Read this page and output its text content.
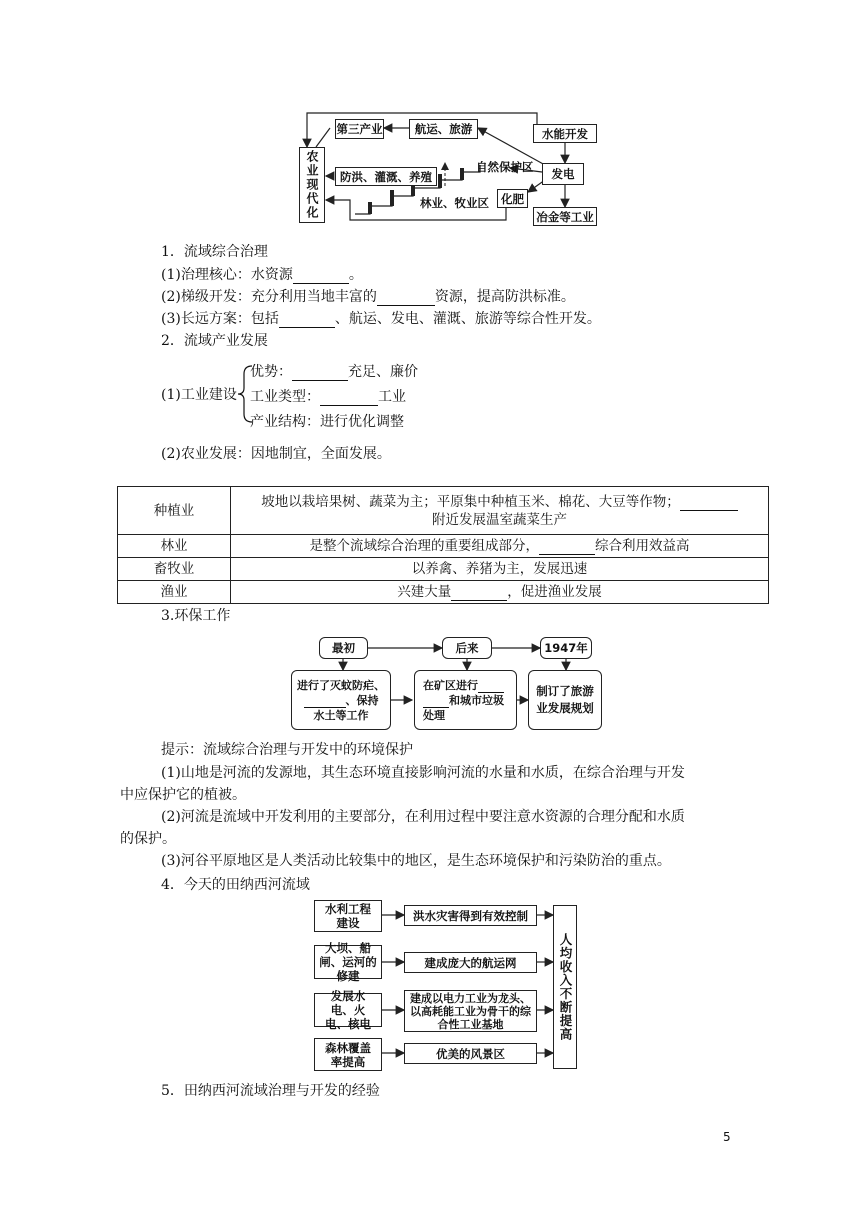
农业现代化
第三产业	航运、旅游	水能开发
防洪、灌溉、养殖
自然保护区	发电
林业、牧业区	化肥
冶金等工业
1．流域综合治理
(1)治理核心：水资源	。
(2)梯级开发：充分利用当地丰富的	资源，提高防洪标准。
(3)长远方案：包括	、航运、发电、灌溉、旅游等综合性开发。
2．流域产业发展
(1)工业建设
优势：	充足、廉价
工业类型：	工业
产业结构：进行优化调整
(2)农业发展：因地制宜，全面发展。
种植业	坡地以栽培果树、蔬菜为主；平原集中种植玉米、棉花、大豆等作物；
附近发展温室蔬菜生产
林业	是整个流域综合治理的重要组成部分， 综合利用效益高
畜牧业	以养禽、养猪为主，发展迅速
渔业	兴建大量 ，促进渔业发展
3.环保工作
最初	后来	1947年
进行了灭蚊防疟、
、保持
水土等工作
在矿区进行
和城市垃圾
处理
制订了旅游业发展规划
提示：流域综合治理与开发中的环境保护
(1)山地是河流的发源地，其生态环境直接影响河流的水量和水质，在综合治理与开发
中应保护它的植被。
(2)河流是流域中开发利用的主要部分，在利用过程中要注意水资源的合理分配和水质
的保护。
(3)河谷平原地区是人类活动比较集中的地区，是生态环境保护和污染防治的重点。
4．今天的田纳西河流域
水利工程建设
洪水灾害得到有效控制
大坝、船闸、运河的修建
建成庞大的航运网
发展水电、火电、核电
建成以电力工业为龙头、以高耗能工业为骨干的综合性工业基地
森林覆盖率提高
优美的风景区
人均收入不断提高
5．田纳西河流域治理与开发的经验
5
